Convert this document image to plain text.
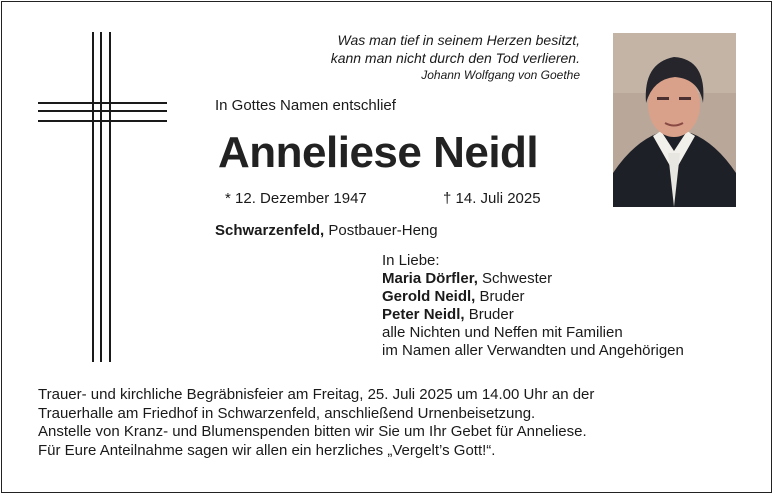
Was man tief in seinem Herzen besitzt,
kann man nicht durch den Tod verlieren.
Johann Wolfgang von Goethe
In Gottes Namen entschlief
Anneliese Neidl
* 12. Dezember 1947	† 14. Juli 2025
Schwarzenfeld, Postbauer-Heng
In Liebe:
Maria Dörfler, Schwester
Gerold Neidl, Bruder
Peter Neidl, Bruder
alle Nichten und Neffen mit Familien
im Namen aller Verwandten und Angehörigen
Trauer- und kirchliche Begräbnisfeier am Freitag, 25. Juli 2025 um 14.00 Uhr an der
Trauerhalle am Friedhof in Schwarzenfeld, anschließend Urnenbeisetzung.
Anstelle von Kranz- und Blumenspenden bitten wir Sie um Ihr Gebet für Anneliese.
Für Eure Anteilnahme sagen wir allen ein herzliches „Vergelt’s Gott!“.
